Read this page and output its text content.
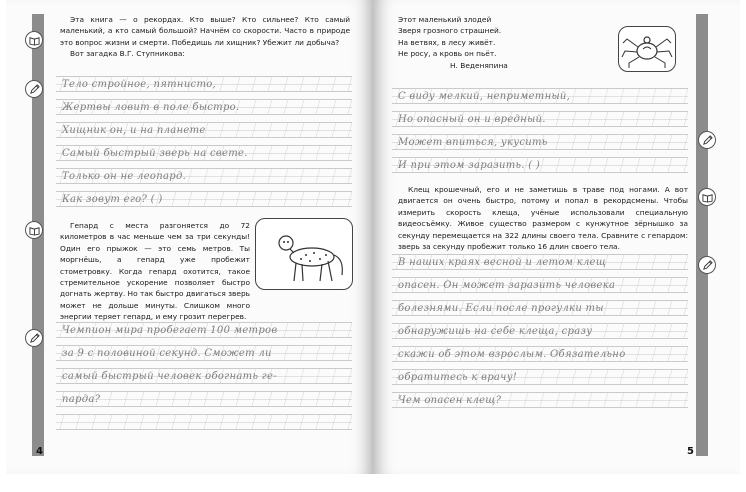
Эта книга — о рекордах. Кто выше? Кто сильнее? Кто самый маленький, а кто самый большой? Начнём со скорости. Часто в природе это вопрос жизни и смерти. Победишь ли хищник? Убежит ли добыча?

Вот загадка В.Г. Ступникова:

Тело стройное, пятнисто,
Жертвы ловит в поле быстро.
Хищник он, и на планете
Самый быстрый зверь на свете.
Только он не леопард.
Как зовут его? ( )

Гепард с места разгоняется до 72 километров в час меньше чем за три секунды! Один его прыжок — это семь метров. Ты моргнёшь, а гепард уже пробежит стометровку. Когда гепард охотится, такое стремительное ускорение позволяет быстро догнать жертву. Но так быстро двигаться зверь может не дольше минуты. Слишком много энергии теряет гепард, и ему грозит перегрев.

Чемпион мира пробегает 100 метров
за 9 с половиной секунд. Сможет ли
самый быстрый человек обогнать ге-
парда?
4

Этот маленький злодей

Зверя грозного страшней.

На ветвях, в лесу живёт.

Не росу, а кровь он пьёт.

Н. Веденяпина

С виду мелкий, неприметный,
Но опасный он и вредный.
Может впиться, укусить
И при этом заразить. ( )

Клещ крошечный, его и не заметишь в траве под ногами. А вот двигается он очень быстро, потому и попал в рекордсмены. Чтобы измерить скорость клеща, учёные использовали специальную видеосъёмку. Живое существо размером с кунжутное зёрнышко за секунду перемещается на 322 длины своего тела. Сравните с гепардом: зверь за секунду пробежит только 16 длин своего тела.

В наших краях весной и летом клещ
опасен. Он может заразить человека
болезнями. Если после прогулки ты
обнаружишь на себе клеща, сразу
скажи об этом взрослым. Обязательно
обратитесь к врачу!
Чем опасен клещ?
5
